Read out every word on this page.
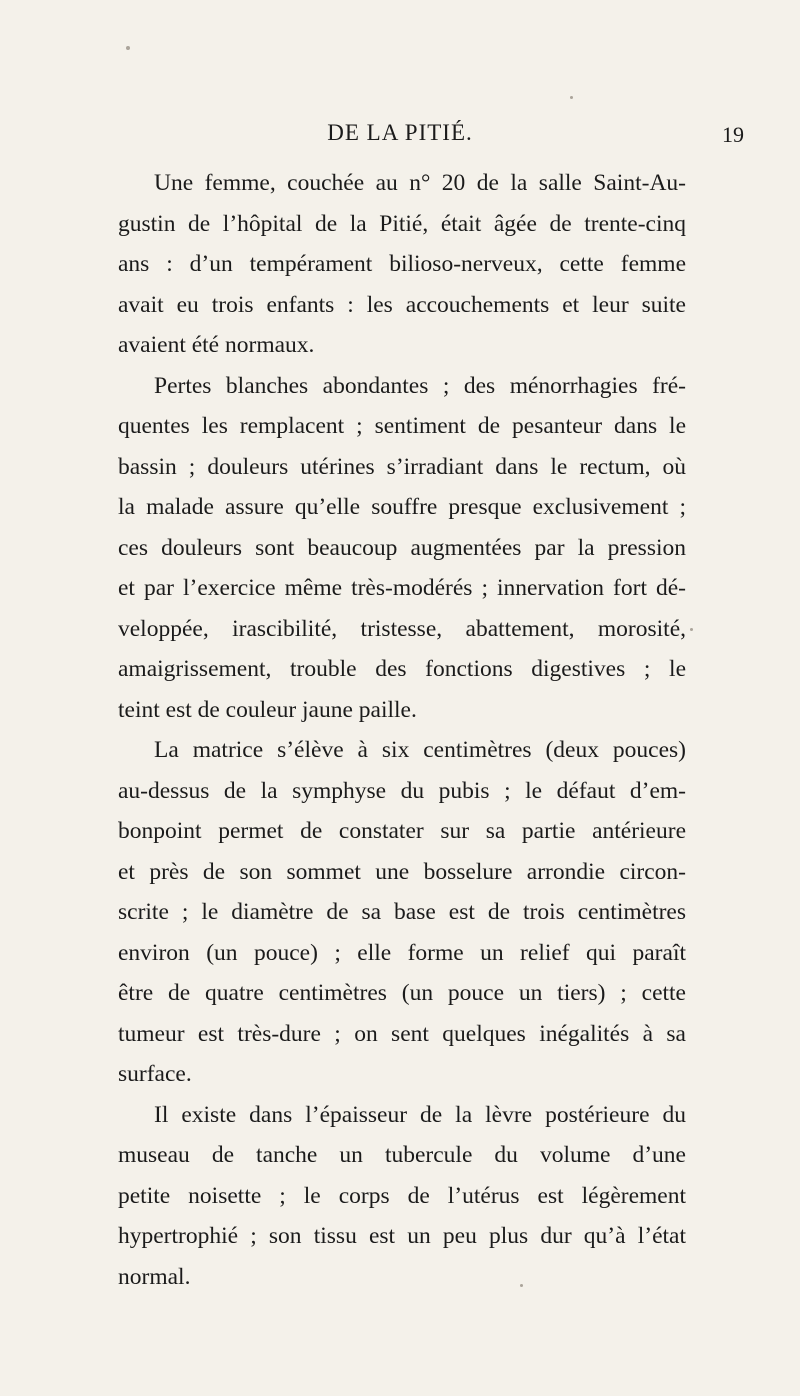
DE LA PITIÉ.	19
Une femme, couchée au n° 20 de la salle Saint-Au-
gustin de l’hôpital de la Pitié, était âgée de trente-cinq
ans : d’un tempérament bilioso-nerveux, cette femme
avait eu trois enfants : les accouchements et leur suite
avaient été normaux.
Pertes blanches abondantes ; des ménorrhagies fré-
quentes les remplacent ; sentiment de pesanteur dans le
bassin ; douleurs utérines s’irradiant dans le rectum, où
la malade assure qu’elle souffre presque exclusivement ;
ces douleurs sont beaucoup augmentées par la pression
et par l’exercice même très-modérés ; innervation fort dé-
veloppée, irascibilité, tristesse, abattement, morosité,
amaigrissement, trouble des fonctions digestives ; le
teint est de couleur jaune paille.
La matrice s’élève à six centimètres (deux pouces)
au-dessus de la symphyse du pubis ; le défaut d’em-
bonpoint permet de constater sur sa partie antérieure
et près de son sommet une bosselure arrondie circon-
scrite ; le diamètre de sa base est de trois centimètres
environ (un pouce) ; elle forme un relief qui paraît
être de quatre centimètres (un pouce un tiers) ; cette
tumeur est très-dure ; on sent quelques inégalités à sa
surface.
Il existe dans l’épaisseur de la lèvre postérieure du
museau de tanche un tubercule du volume d’une
petite noisette ; le corps de l’utérus est légèrement
hypertrophié ; son tissu est un peu plus dur qu’à l’état
normal.
